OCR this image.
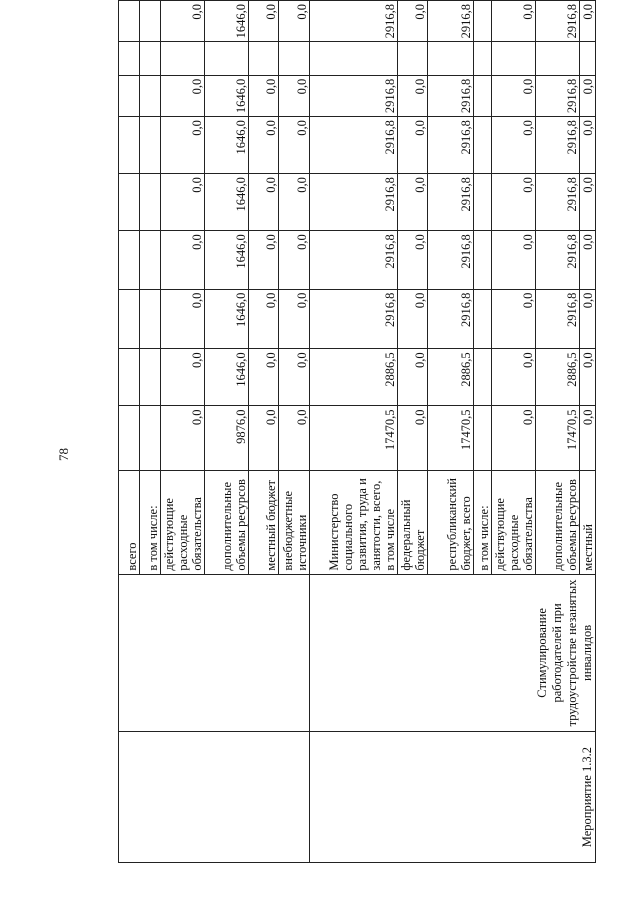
78
		всего									
		в том числе:									
		действующие расходные обязательства	0,0	0,0	0,0	0,0	0,0	0,0	0,0		0,0
		дополнительные объемы ресурсов	9876,0	1646,0	1646,0	1646,0	1646,0	1646,0	1646,0		1646,0
		местный бюджет	0,0	0,0	0,0	0,0	0,0	0,0	0,0		0,0
		внебюджетные источники	0,0	0,0	0,0	0,0	0,0	0,0	0,0		0,0
Мероприятие 1.3.2	Стимулирование работодателей при трудоустройстве незанятых инвалидов	Министерство социального развития, труда и занятости, всего, в том числе	17470,5	2886,5	2916,8	2916,8	2916,8	2916,8	2916,8		2916,8
		федеральный бюджет	0,0	0,0	0,0	0,0	0,0	0,0	0,0		0,0
		республиканский бюджет, всего	17470,5	2886,5	2916,8	2916,8	2916,8	2916,8	2916,8		2916,8
		в том числе:									
		действующие расходные обязательства	0,0	0,0	0,0	0,0	0,0	0,0	0,0		0,0
		дополнительные объемы ресурсов	17470,5	2886,5	2916,8	2916,8	2916,8	2916,8	2916,8		2916,8
		местный	0,0	0,0	0,0	0,0	0,0	0,0	0,0		0,0
